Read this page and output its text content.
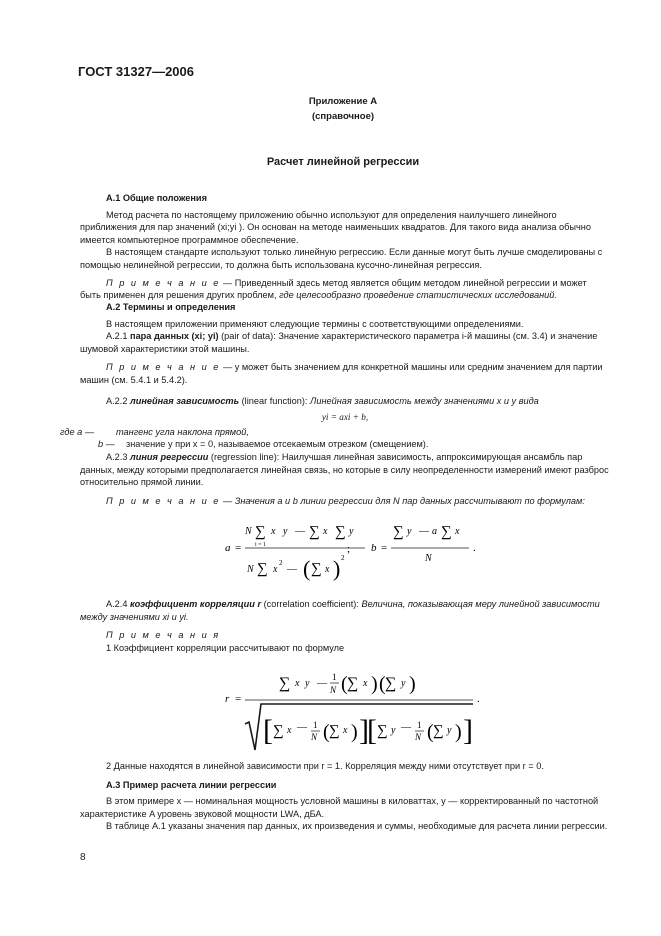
ГОСТ 31327—2006
Приложение А
(справочное)
Расчет линейной регрессии

А.1 Общие положения

Метод расчета по настоящему приложению обычно используют для определения наилучшего линейного приближения для пар значений (xi;yi ). Он основан на методе наименьших квадратов. Для такого вида анализа обычно имеется компьютерное программное обеспечение.

В настоящем стандарте используют только линейную регрессию. Если данные могут быть лучше смоделированы с помощью нелинейной регрессии, то должна быть использована кусочно-линейная регрессия.

П р и м е ч а н и е — Приведенный здесь метод является общим методом линейной регрессии и может быть применен для решения других проблем, где целесообразно проведение статистических исследований.

А.2 Термины и определения

В настоящем приложении применяют следующие термины с соответствующими определениями.

А.2.1 пара данных (xi; yi) (pair of data): Значение характеристического параметра i-й машины (см. 3.4) и значение шумовой характеристики этой машины.

П р и м е ч а н и е — y может быть значением для конкретной машины или средним значением для партии машин (см. 5.4.1 и 5.4.2).

А.2.2 линейная зависимость (linear function): Линейная зависимость между значениями x и y вида

yi = axi + b,

где a —	тангенс угла наклона прямой,
b — значение y при x = 0, называемое отсекаемым отрезком (смещением).

А.2.3 линия регрессии (regression line): Наилучшая линейная зависимость, аппроксимирующая ансамбль пар данных, между которыми предполагается линейная связь, но которые в силу неопределенности измерений имеют разброс относительно прямой линии.

П р и м е ч а н и е — Значения a и b линии регрессии для N пар данных рассчитывают по формулам:

a =
N ∑ x y — ∑ x ∑ y
i = 1
N ∑ x
2
— ( ∑ x ) 2
; b =
∑ y — a ∑ x
N
.

А.2.4 коэффициент корреляции r (correlation coefficient): Величина, показывающая меру линейной зависимости между значениями xi и yi.

П р и м е ч а н и я

1 Коэффициент корреляции рассчитывают по формуле

r =
∑ x y —
1
N ( ∑ x ) ( ∑ y )
.
[ ∑ x — 1
N ( ∑ x ) ]
[ ∑ y — 1
N ( ∑ y ) ]

2 Данные находятся в линейной зависимости при r = 1. Корреляция между ними отсутствует при r = 0.

А.3 Пример расчета линии регрессии

В этом примере x — номинальная мощность условной машины в киловаттах, y — корректированный по частотной характеристике A уровень звуковой мощности LWA, дБА.

В таблице А.1 указаны значения пар данных, их произведения и суммы, необходимые для расчета линии регрессии.

8
